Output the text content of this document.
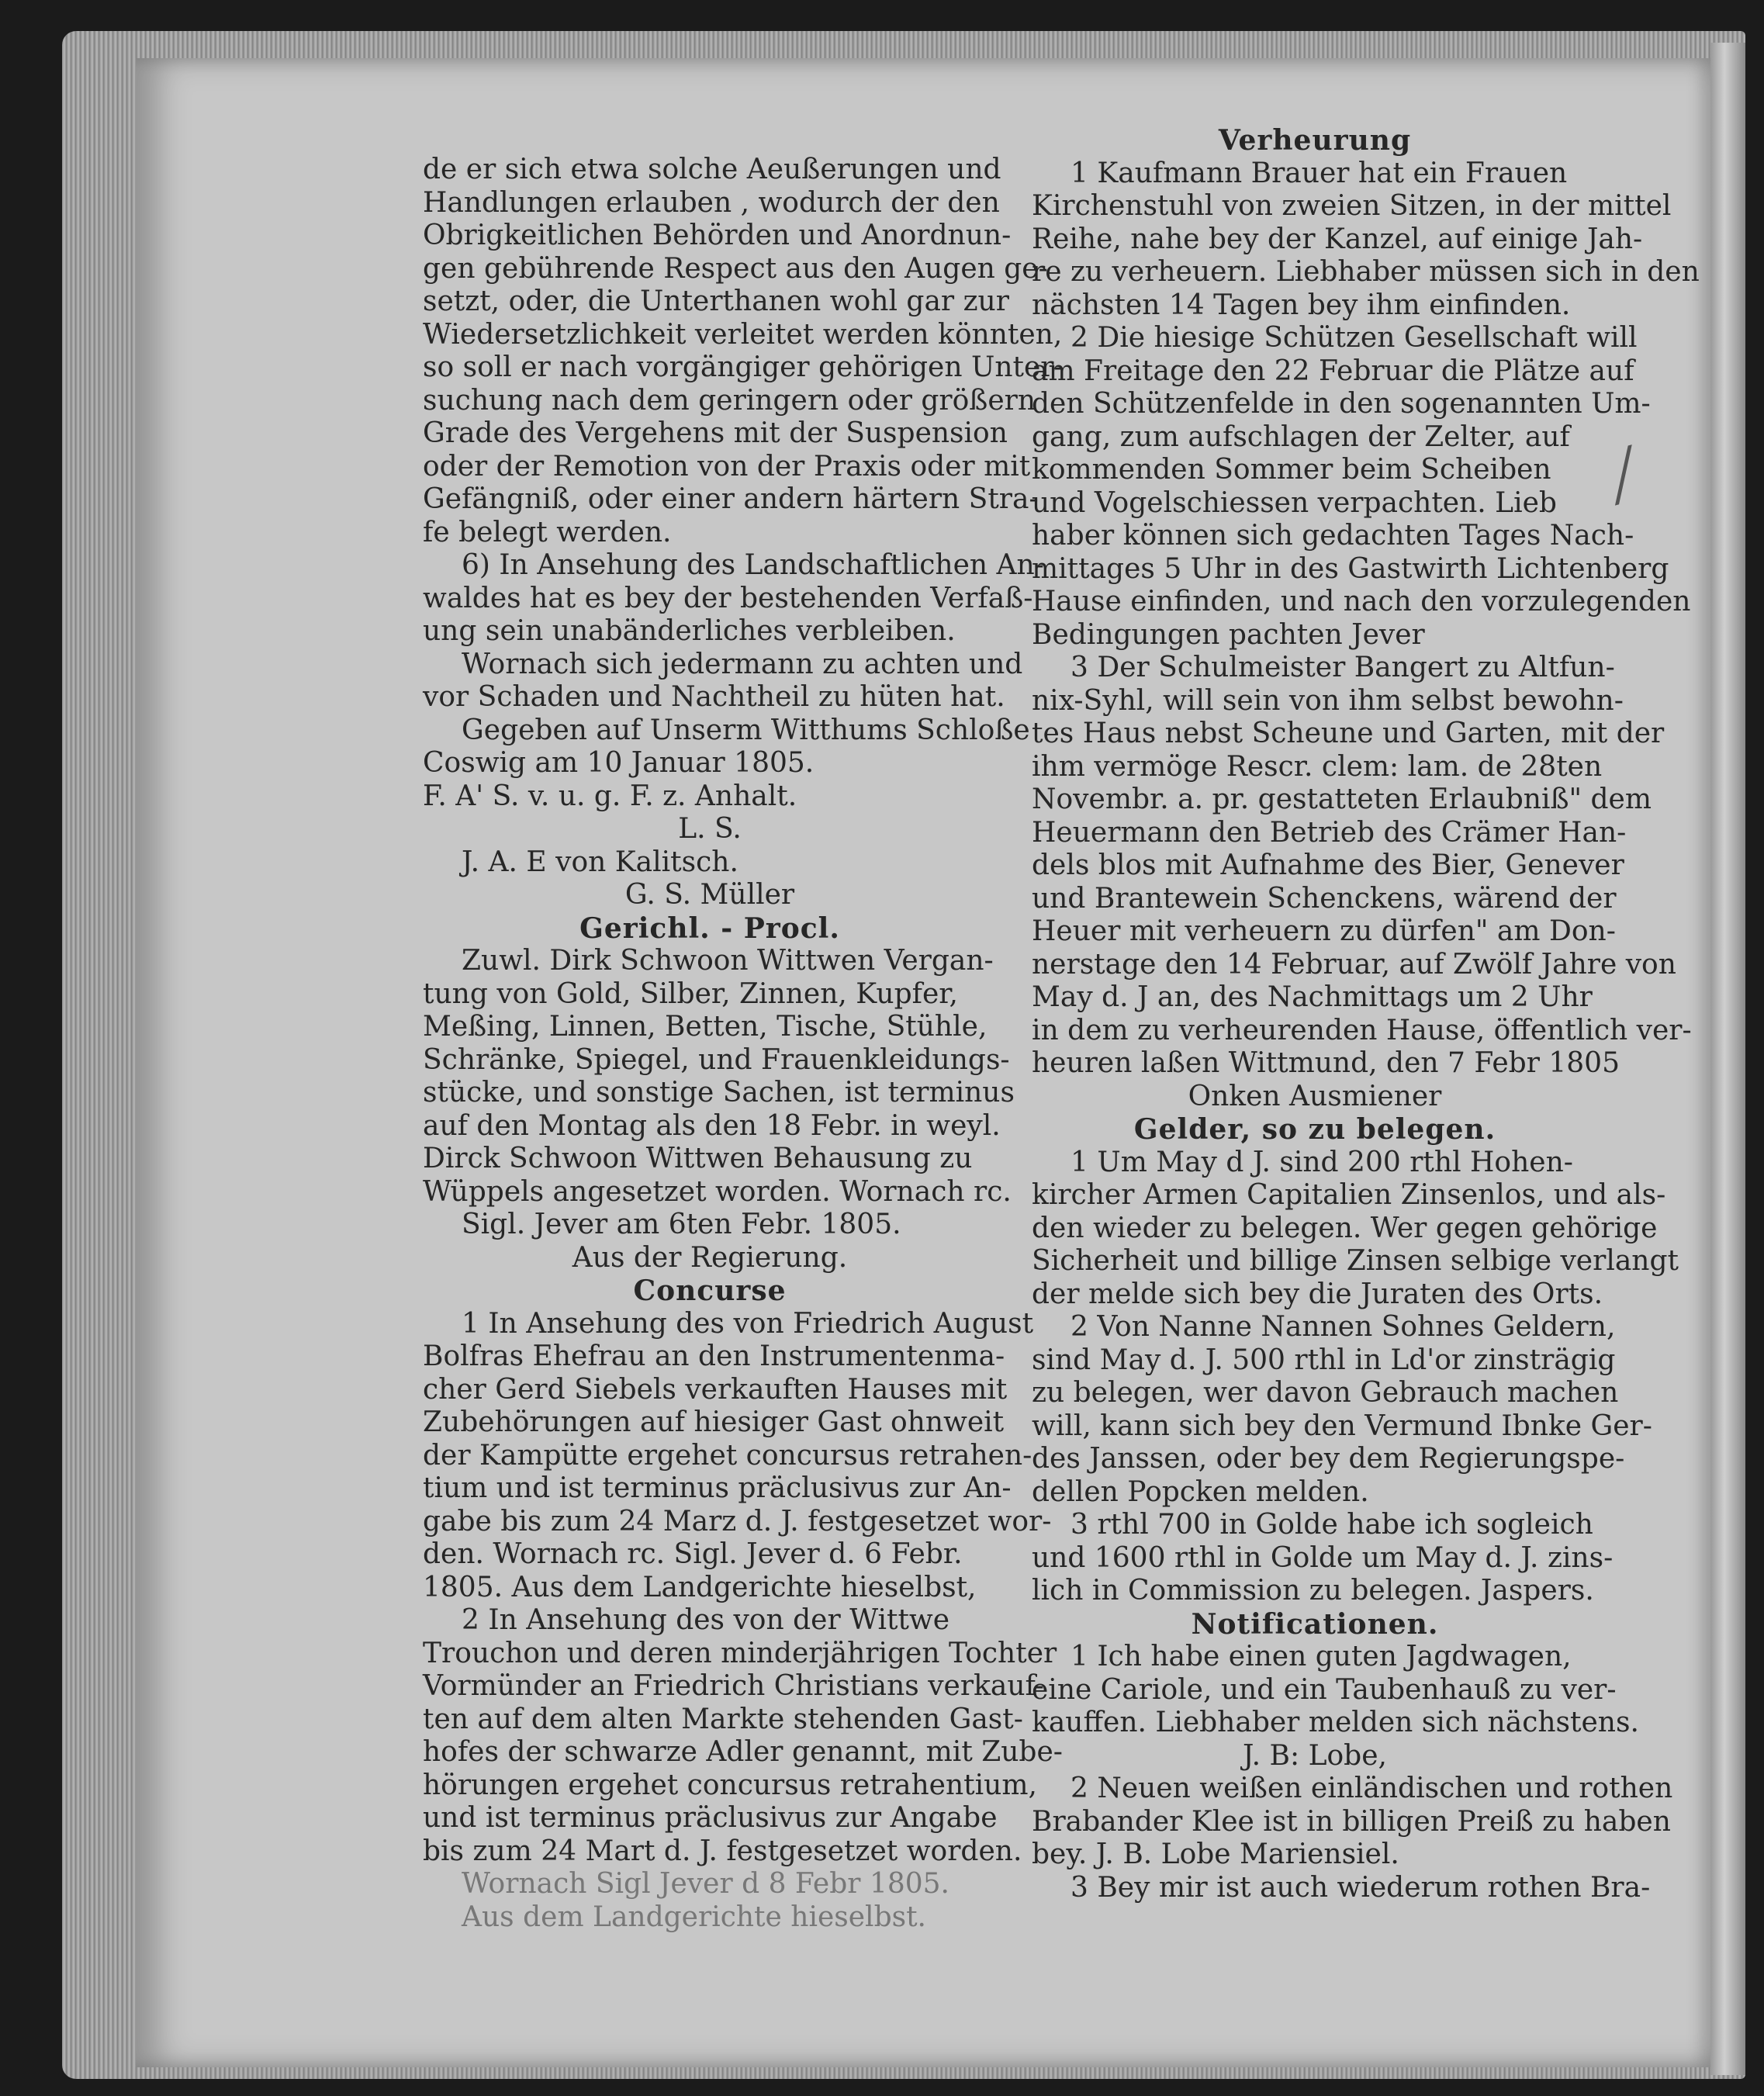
de er sich etwa solche Aeußerungen und
Handlungen erlauben , wodurch der den
Obrigkeitlichen Behörden und Anordnun-
gen gebührende Respect aus den Augen ge-
setzt, oder, die Unterthanen wohl gar zur
Wiedersetzlichkeit verleitet werden könnten,
so soll er nach vorgängiger gehörigen Unter-
suchung nach dem geringern oder größern
Grade des Vergehens mit der Suspension
oder der Remotion von der Praxis oder mit
Gefängniß, oder einer andern härtern Stra-
fe belegt werden.
6) In Ansehung des Landschaftlichen An-
waldes hat es bey der bestehenden Verfaß-
ung sein unabänderliches verbleiben.
Wornach sich jedermann zu achten und
vor Schaden und Nachtheil zu hüten hat.
Gegeben auf Unserm Witthums Schloße
Coswig am 10 Januar 1805.
F. A' S. v. u. g. F. z. Anhalt.
L. S.
J. A. E von Kalitsch.
G. S. Müller
Gerichl. - Procl.
Zuwl. Dirk Schwoon Wittwen Vergan-
tung von Gold, Silber, Zinnen, Kupfer,
Meßing, Linnen, Betten, Tische, Stühle,
Schränke, Spiegel, und Frauenkleidungs-
stücke, und sonstige Sachen, ist terminus
auf den Montag als den 18 Febr. in weyl.
Dirck Schwoon Wittwen Behausung zu
Wüppels angesetzet worden. Wornach rc.
Sigl. Jever am 6ten Febr. 1805.
Aus der Regierung.
Concurse
1 In Ansehung des von Friedrich August
Bolfras Ehefrau an den Instrumentenma-
cher Gerd Siebels verkauften Hauses mit
Zubehörungen auf hiesiger Gast ohnweit
der Kampütte ergehet concursus retrahen-
tium und ist terminus präclusivus zur An-
gabe bis zum 24 Marz d. J. festgesetzet wor-
den. Wornach rc. Sigl. Jever d. 6 Febr.
1805. Aus dem Landgerichte hieselbst,
2 In Ansehung des von der Wittwe
Trouchon und deren minderjährigen Tochter
Vormünder an Friedrich Christians verkauf-
ten auf dem alten Markte stehenden Gast-
hofes der schwarze Adler genannt, mit Zube-
hörungen ergehet concursus retrahentium,
und ist terminus präclusivus zur Angabe
bis zum 24 Mart d. J. festgesetzet worden.
Wornach Sigl Jever d 8 Febr 1805.
Aus dem Landgerichte hieselbst.
Verheurung
1 Kaufmann Brauer hat ein Frauen
Kirchenstuhl von zweien Sitzen, in der mittel
Reihe, nahe bey der Kanzel, auf einige Jah-
re zu verheuern. Liebhaber müssen sich in den
nächsten 14 Tagen bey ihm einfinden.
2 Die hiesige Schützen Gesellschaft will
am Freitage den 22 Februar die Plätze auf
den Schützenfelde in den sogenannten Um-
gang, zum aufschlagen der Zelter, auf
kommenden Sommer beim Scheiben
und Vogelschiessen verpachten. Lieb
haber können sich gedachten Tages Nach-
mittages 5 Uhr in des Gastwirth Lichtenberg
Hause einfinden, und nach den vorzulegenden
Bedingungen pachten Jever
3 Der Schulmeister Bangert zu Altfun-
nix-Syhl, will sein von ihm selbst bewohn-
tes Haus nebst Scheune und Garten, mit der
ihm vermöge Rescr. clem: lam. de 28ten
Novembr. a. pr. gestatteten Erlaubniß" dem
Heuermann den Betrieb des Crämer Han-
dels blos mit Aufnahme des Bier, Genever
und Brantewein Schenckens, wärend der
Heuer mit verheuern zu dürfen" am Don-
nerstage den 14 Februar, auf Zwölf Jahre von
May d. J an, des Nachmittags um 2 Uhr
in dem zu verheurenden Hause, öffentlich ver-
heuren laßen Wittmund, den 7 Febr 1805
Onken Ausmiener
Gelder, so zu belegen.
1 Um May d J. sind 200 rthl Hohen-
kircher Armen Capitalien Zinsenlos, und als-
den wieder zu belegen. Wer gegen gehörige
Sicherheit und billige Zinsen selbige verlangt
der melde sich bey die Juraten des Orts.
2 Von Nanne Nannen Sohnes Geldern,
sind May d. J. 500 rthl in Ld'or zinsträgig
zu belegen, wer davon Gebrauch machen
will, kann sich bey den Vermund Ibnke Ger-
des Janssen, oder bey dem Regierungspe-
dellen Popcken melden.
3 rthl 700 in Golde habe ich sogleich
und 1600 rthl in Golde um May d. J. zins-
lich in Commission zu belegen. Jaspers.
Notificationen.
1 Ich habe einen guten Jagdwagen,
eine Cariole, und ein Taubenhauß zu ver-
kauffen. Liebhaber melden sich nächstens.
J. B: Lobe,
2 Neuen weißen einländischen und rothen
Brabander Klee ist in billigen Preiß zu haben
bey. J. B. Lobe Mariensiel.
3 Bey mir ist auch wiederum rothen Bra-
╱
